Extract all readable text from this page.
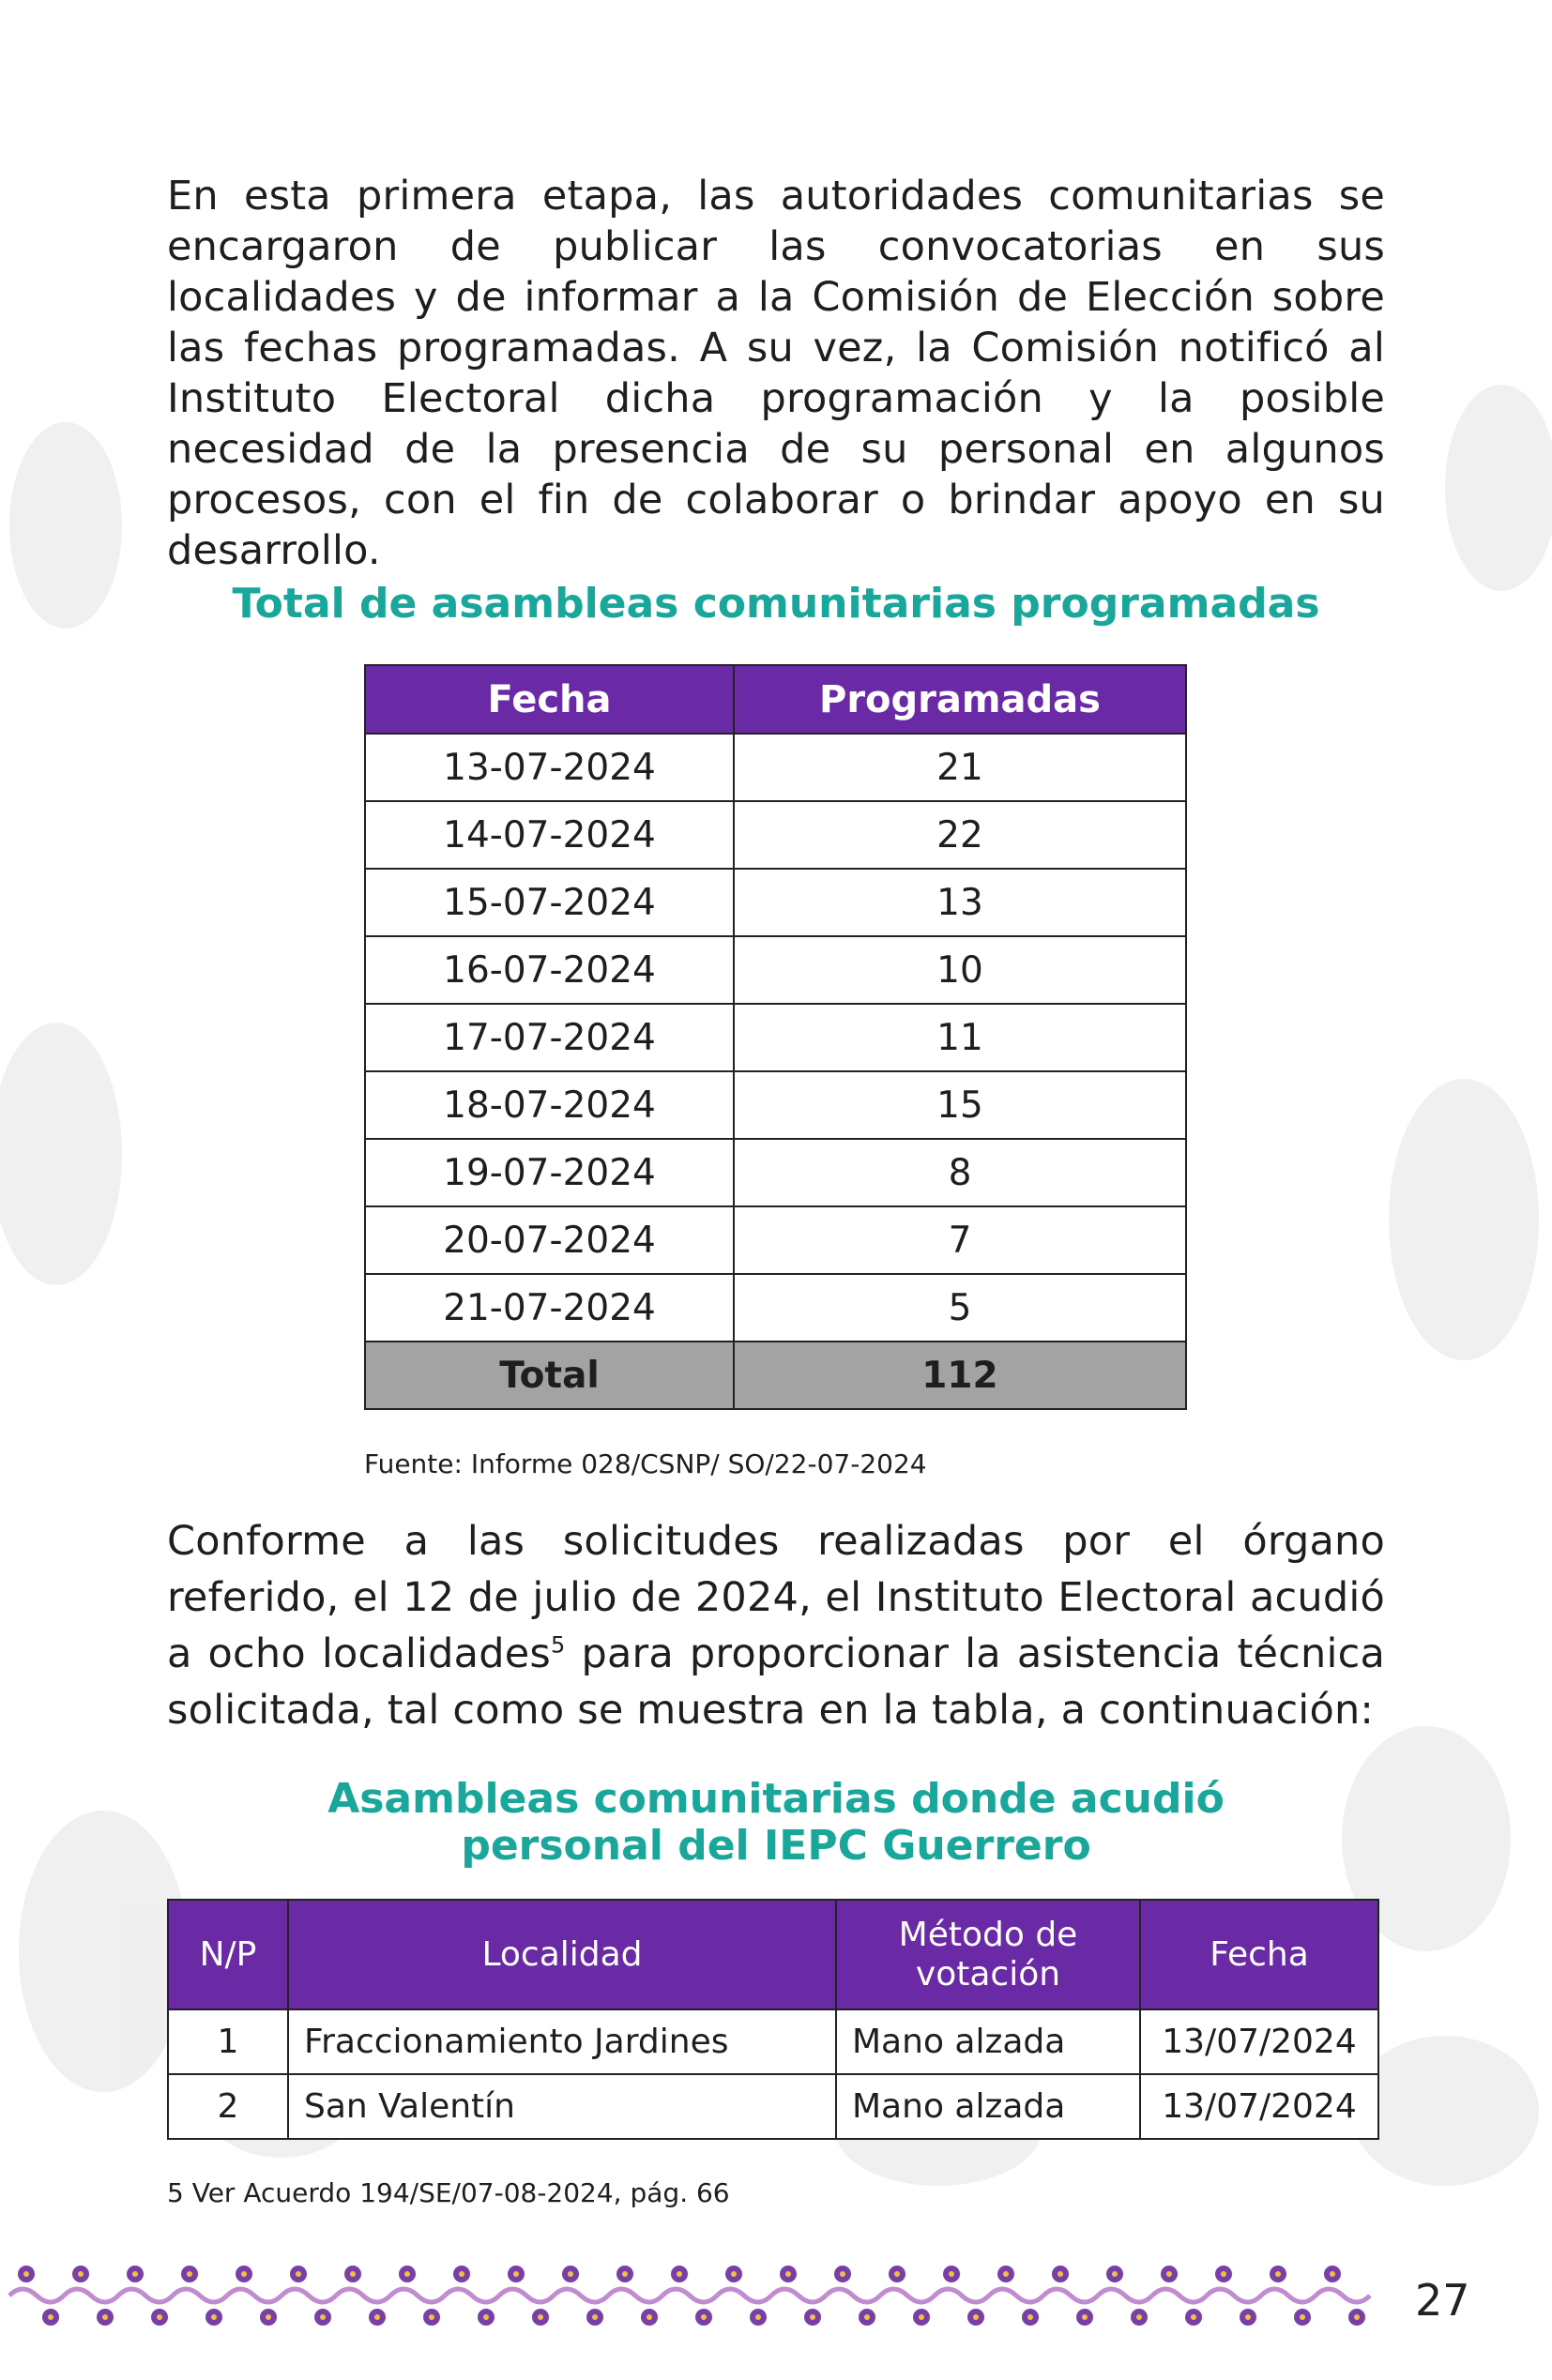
En esta primera etapa, las autoridades comunitarias se encargaron de publicar las convocatorias en sus localidades y de informar a la Comisión de Elección sobre las fechas programadas. A su vez, la Comisión notificó al Instituto Electoral dicha programación y la posible necesidad de la presencia de su personal en algunos procesos, con el fin de colaborar o brindar apoyo en su desarrollo.

Total de asambleas comunitarias programadas
Fecha	Programadas
13-07-2024	21
14-07-2024	22
15-07-2024	13
16-07-2024	10
17-07-2024	11
18-07-2024	15
19-07-2024	8
20-07-2024	7
21-07-2024	5
Total	112
Fuente: Informe 028/CSNP/ SO/22-07-2024

Conforme a las solicitudes realizadas por el órgano referido, el 12 de julio de 2024, el Instituto Electoral acudió a ocho localidades$^5$ para proporcionar la asistencia técnica solicitada, tal como se muestra en la tabla, a continuación:

Asambleas comunitarias donde acudió
personal del IEPC Guerrero
N/P	Localidad	Método de votación	Fecha
1	Fraccionamiento Jardines	Mano alzada	13/07/2024
2	San Valentín	Mano alzada	13/07/2024
5 Ver Acuerdo 194/SE/07-08-2024, pág. 66
27
